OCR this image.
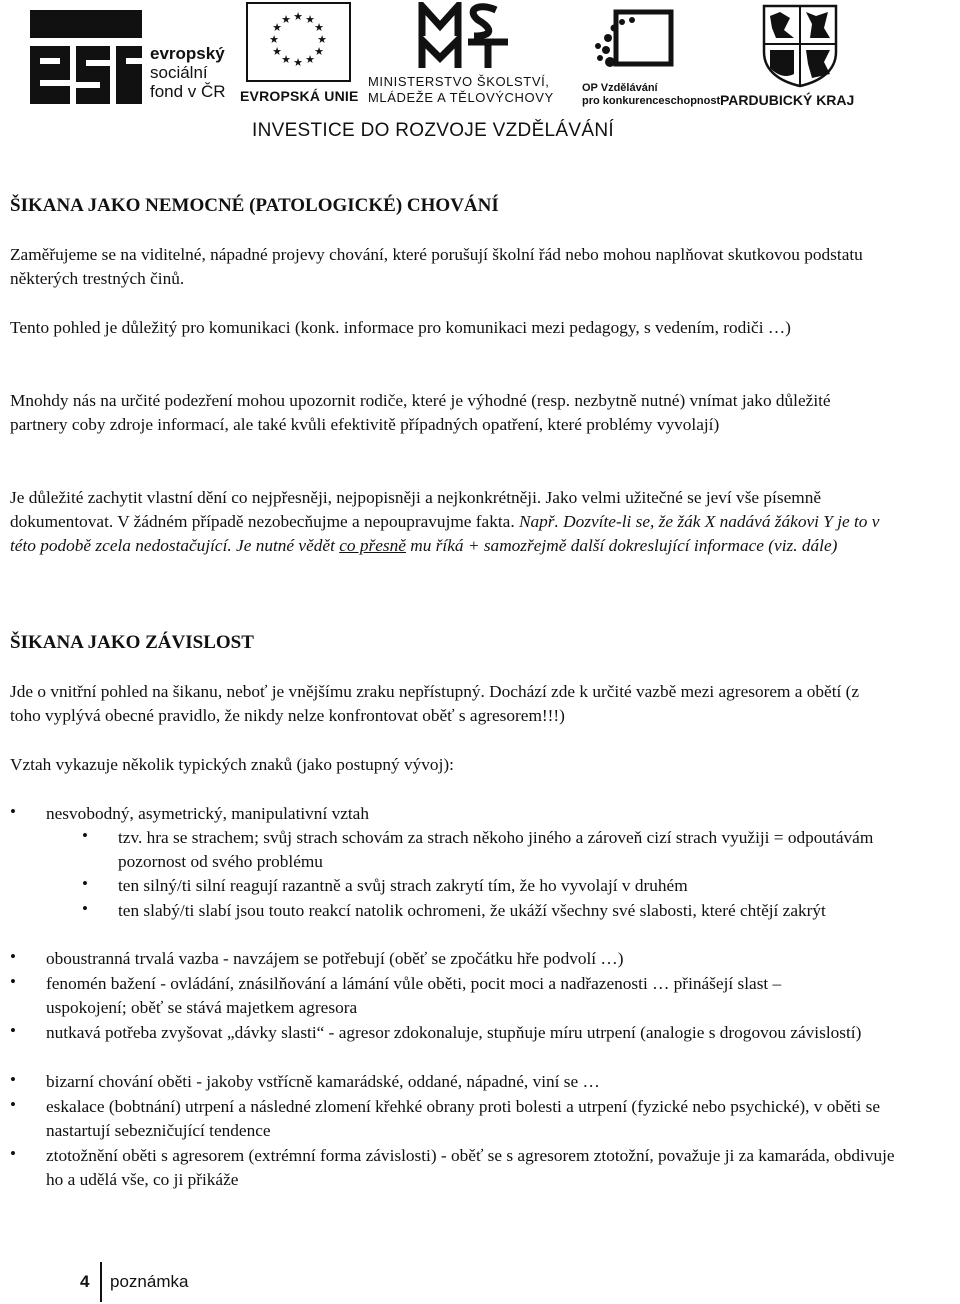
evropský
sociální
fond v ČR
★ ★
★
★
★
★
★
★
★
★
★
★
EVROPSKÁ UNIE
MINISTERSTVO ŠKOLSTVÍ,
MLÁDEŽE A TĚLOVÝCHOVY
OP Vzdělávání
pro konkurenceschopnost PARDUBICKÝ KRAJ
INVESTICE DO ROZVOJE VZDĚLÁVÁNÍ
ŠIKANA JAKO NEMOCNÉ (PATOLOGICKÉ) CHOVÁNÍ
Zaměřujeme se na viditelné, nápadné projevy chování, které porušují školní řád nebo mohou naplňovat skutkovou podstatu některých trestných činů.
Tento pohled je důležitý pro komunikaci (konk. informace pro komunikaci mezi pedagogy, s vedením, rodiči …)
Mnohdy nás na určité podezření mohou upozornit rodiče, které je výhodné (resp. nezbytně nutné) vnímat jako důležité partnery coby zdroje informací, ale také kvůli efektivitě případných opatření, které problémy vyvolají)
Je důležité zachytit vlastní dění co nejpřesněji, nejpopisněji a nejkonkrétněji. Jako velmi užitečné se jeví vše písemně dokumentovat. V žádném případě nezobecňujme a nepoupravujme fakta. Např. Dozvíte-li se, že žák X nadává žákovi Y je to v této podobě zcela nedostačující. Je nutné vědět co přesně mu říká + samozřejmě další dokreslující informace (viz. dále)
ŠIKANA JAKO ZÁVISLOST
Jde o vnitřní pohled na šikanu, neboť je vnějšímu zraku nepřístupný. Dochází zde k určité vazbě mezi agresorem a obětí (z toho vyplývá obecné pravidlo, že nikdy nelze konfrontovat oběť s agresorem!!!)
Vztah vykazuje několik typických znaků (jako postupný vývoj):
• nesvobodný, asymetrický, manipulativní vztah
• tzv. hra se strachem; svůj strach schovám za strach někoho jiného a zároveň cizí strach využiji = odpoutávám pozornost od svého problému
• ten silný/ti silní reagují razantně a svůj strach zakrytí tím, že ho vyvolají v druhém
• ten slabý/ti slabí jsou touto reakcí natolik ochromeni, že ukáží všechny své slabosti, které chtějí zakrýt
• oboustranná trvalá vazba - navzájem se potřebují (oběť se zpočátku hře podvolí …)
• fenomén bažení - ovládání, znásilňování a lámání vůle oběti, pocit moci a nadřazenosti … přinášejí slast – uspokojení; oběť se stává majetkem agresora
• nutkavá potřeba zvyšovat „dávky slasti“ - agresor zdokonaluje, stupňuje míru utrpení (analogie s drogovou závislostí)
• bizarní chování oběti - jakoby vstřícně kamarádské, oddané, nápadné, viní se …
• eskalace (bobtnání) utrpení a následné zlomení křehké obrany proti bolesti a utrpení (fyzické nebo psychické), v oběti se nastartují sebezničující tendence
• ztotožnění oběti s agresorem (extrémní forma závislosti) - oběť se s agresorem ztotožní, považuje ji za kamaráda, obdivuje ho a udělá vše, co ji přikáže
4 poznámka
